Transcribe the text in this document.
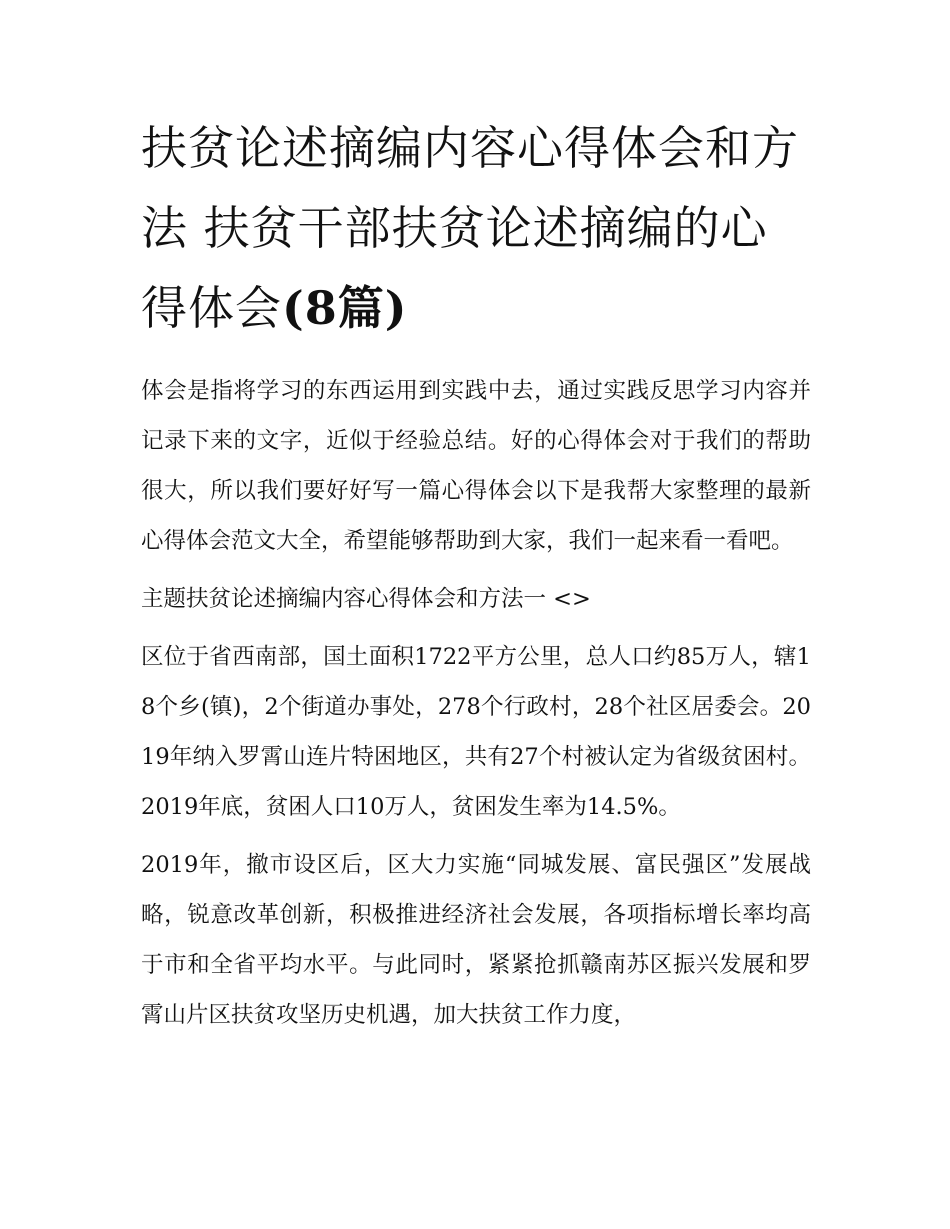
扶贫论述摘编内容心得体会和方法 扶贫干部扶贫论述摘编的心得体会(8篇)

体会是指将学习的东西运用到实践中去，通过实践反思学习内容并记录下来的文字，近似于经验总结。好的心得体会对于我们的帮助很大，所以我们要好好写一篇心得体会以下是我帮大家整理的最新心得体会范文大全，希望能够帮助到大家，我们一起来看一看吧。

主题扶贫论述摘编内容心得体会和方法一 <>

区位于省西南部，国土面积1722平方公里，总人口约85万人，辖18个乡(镇)，2个街道办事处，278个行政村，28个社区居委会。2019年纳入罗霄山连片特困地区，共有27个村被认定为省级贫困村。2019年底，贫困人口10万人，贫困发生率为14.5%。

2019年，撤市设区后，区大力实施“同城发展、富民强区”发展战略，锐意改革创新，积极推进经济社会发展，各项指标增长率均高于市和全省平均水平。与此同时，紧紧抢抓赣南苏区振兴发展和罗霄山片区扶贫攻坚历史机遇，加大扶贫工作力度，
